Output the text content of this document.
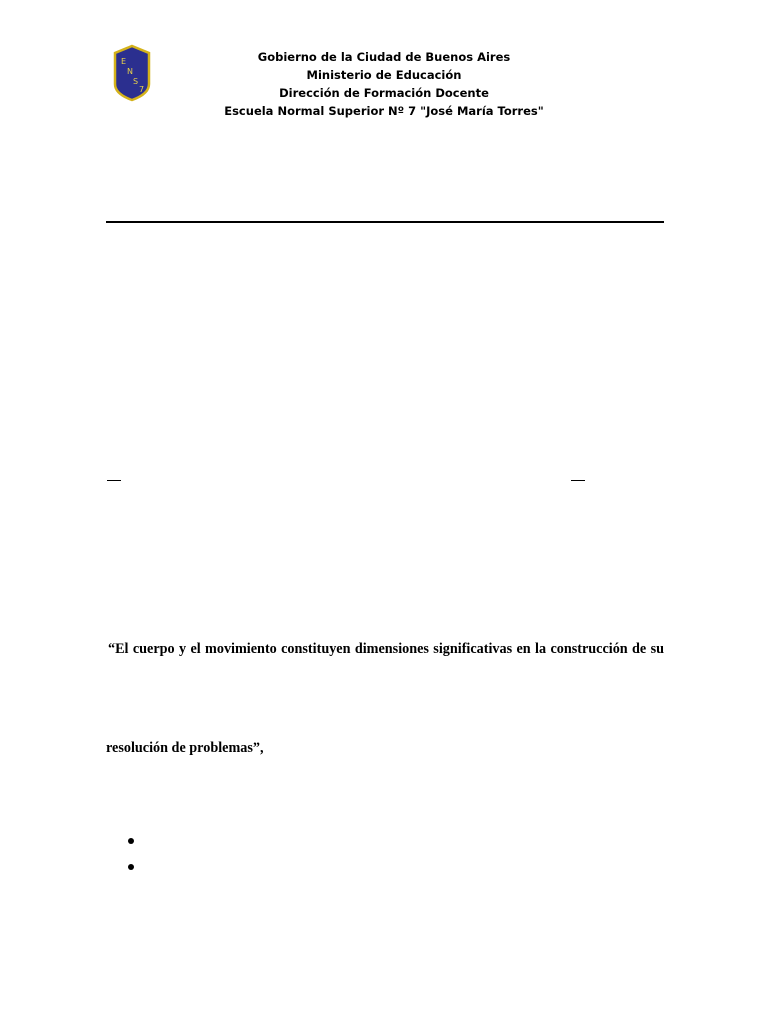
E
N
S
7
Gobierno de la Ciudad de Buenos Aires
Ministerio de Educación
Dirección de Formación Docente
Escuela Normal Superior Nº 7 "José María Torres"
“El cuerpo y el movimiento constituyen dimensiones significativas en la construcción de su
resolución de problemas”,
